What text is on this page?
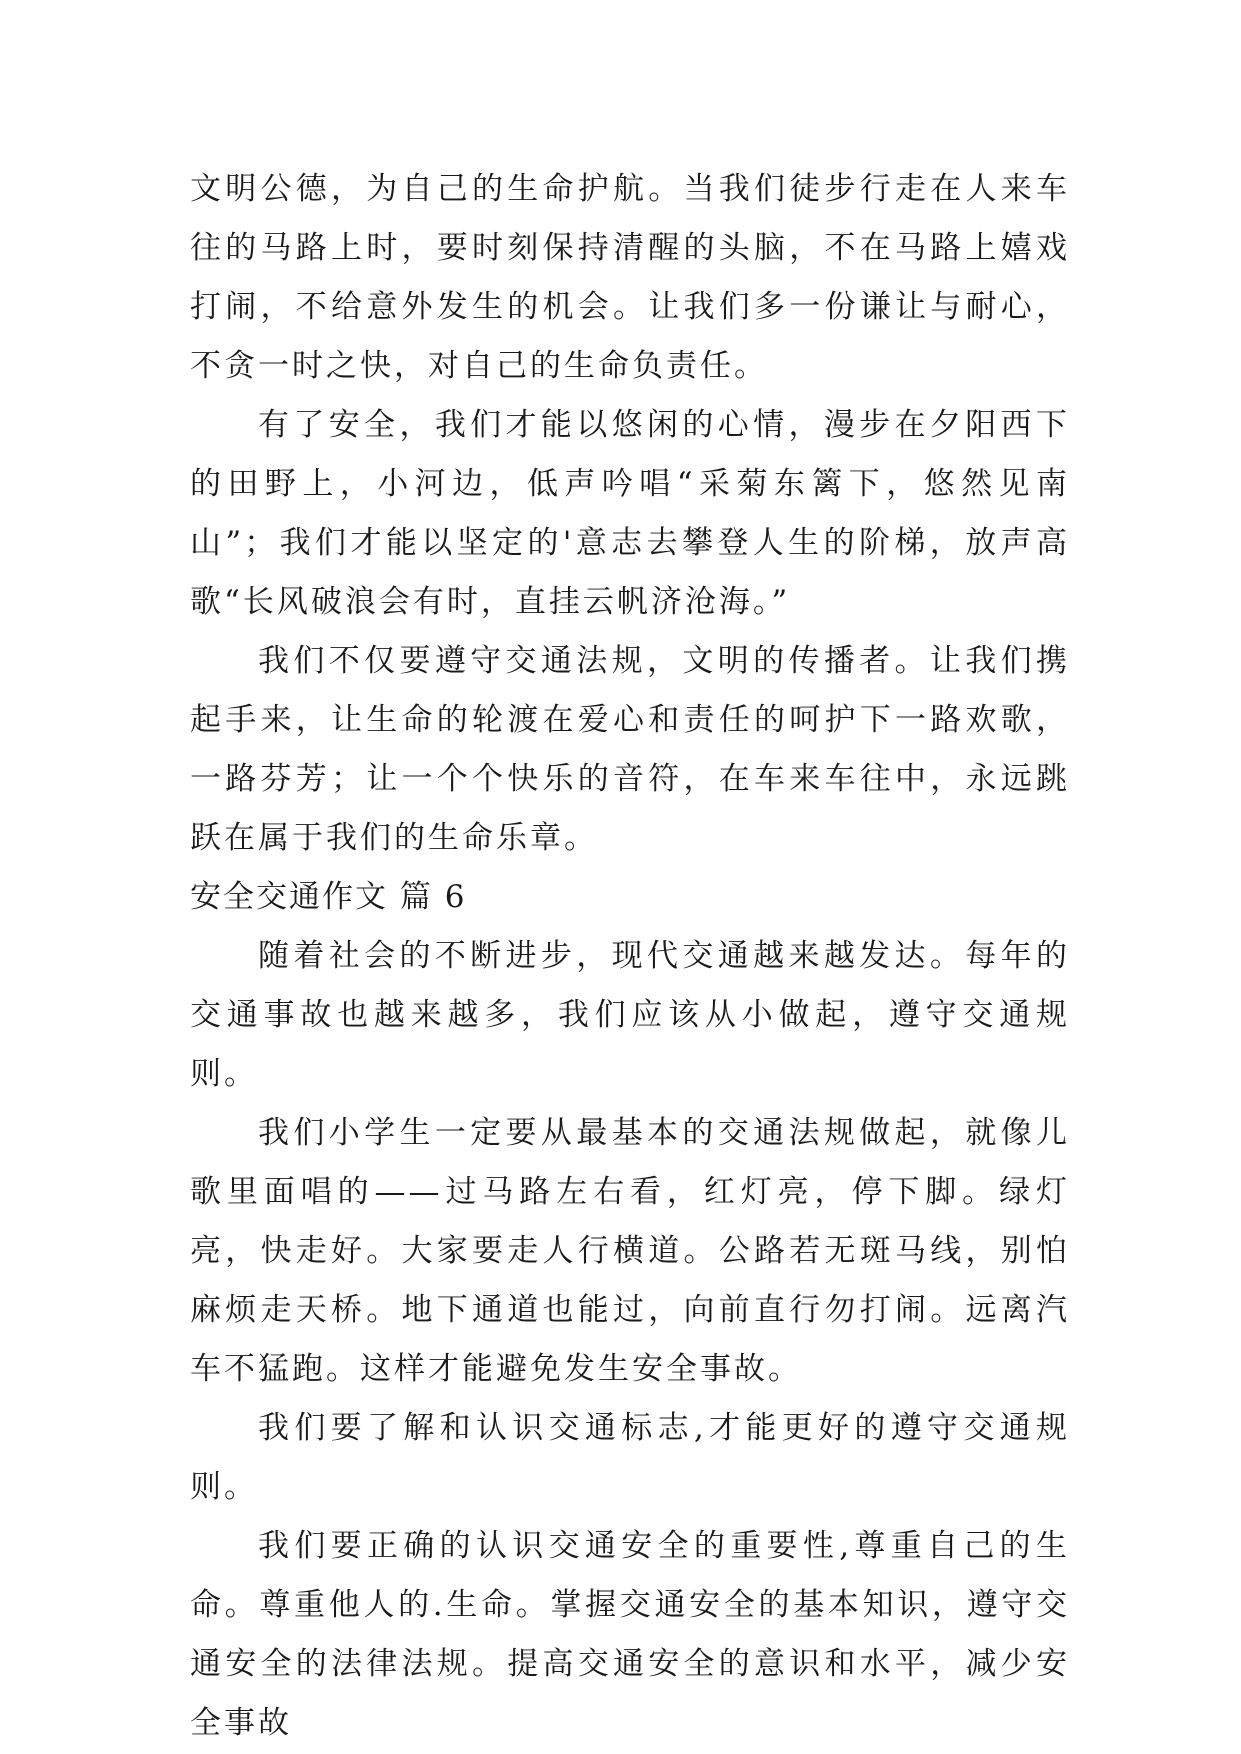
文明公德，为自己的生命护航。当我们徒步行走在人来车往的马路上时，要时刻保持清醒的头脑，不在马路上嬉戏打闹，不给意外发生的机会。让我们多一份谦让与耐心，不贪一时之快，对自己的生命负责任。

有了安全，我们才能以悠闲的心情，漫步在夕阳西下的田野上，小河边，低声吟唱“采菊东篱下，悠然见南山”；我们才能以坚定的'意志去攀登人生的阶梯，放声高歌“长风破浪会有时，直挂云帆济沧海。”

我们不仅要遵守交通法规，文明的传播者。让我们携起手来，让生命的轮渡在爱心和责任的呵护下一路欢歌，一路芬芳；让一个个快乐的音符，在车来车往中，永远跳跃在属于我们的生命乐章。

安全交通作文 篇 6

随着社会的不断进步，现代交通越来越发达。每年的交通事故也越来越多，我们应该从小做起，遵守交通规则。

我们小学生一定要从最基本的交通法规做起，就像儿歌里面唱的——过马路左右看，红灯亮，停下脚。绿灯亮，快走好。大家要走人行横道。公路若无斑马线，别怕麻烦走天桥。地下通道也能过，向前直行勿打闹。远离汽车不猛跑。这样才能避免发生安全事故。

我们要了解和认识交通标志,才能更好的遵守交通规则。

我们要正确的认识交通安全的重要性,尊重自己的生命。尊重他人的.生命。掌握交通安全的基本知识，遵守交通安全的法律法规。提高交通安全的意识和水平，减少安全事故
